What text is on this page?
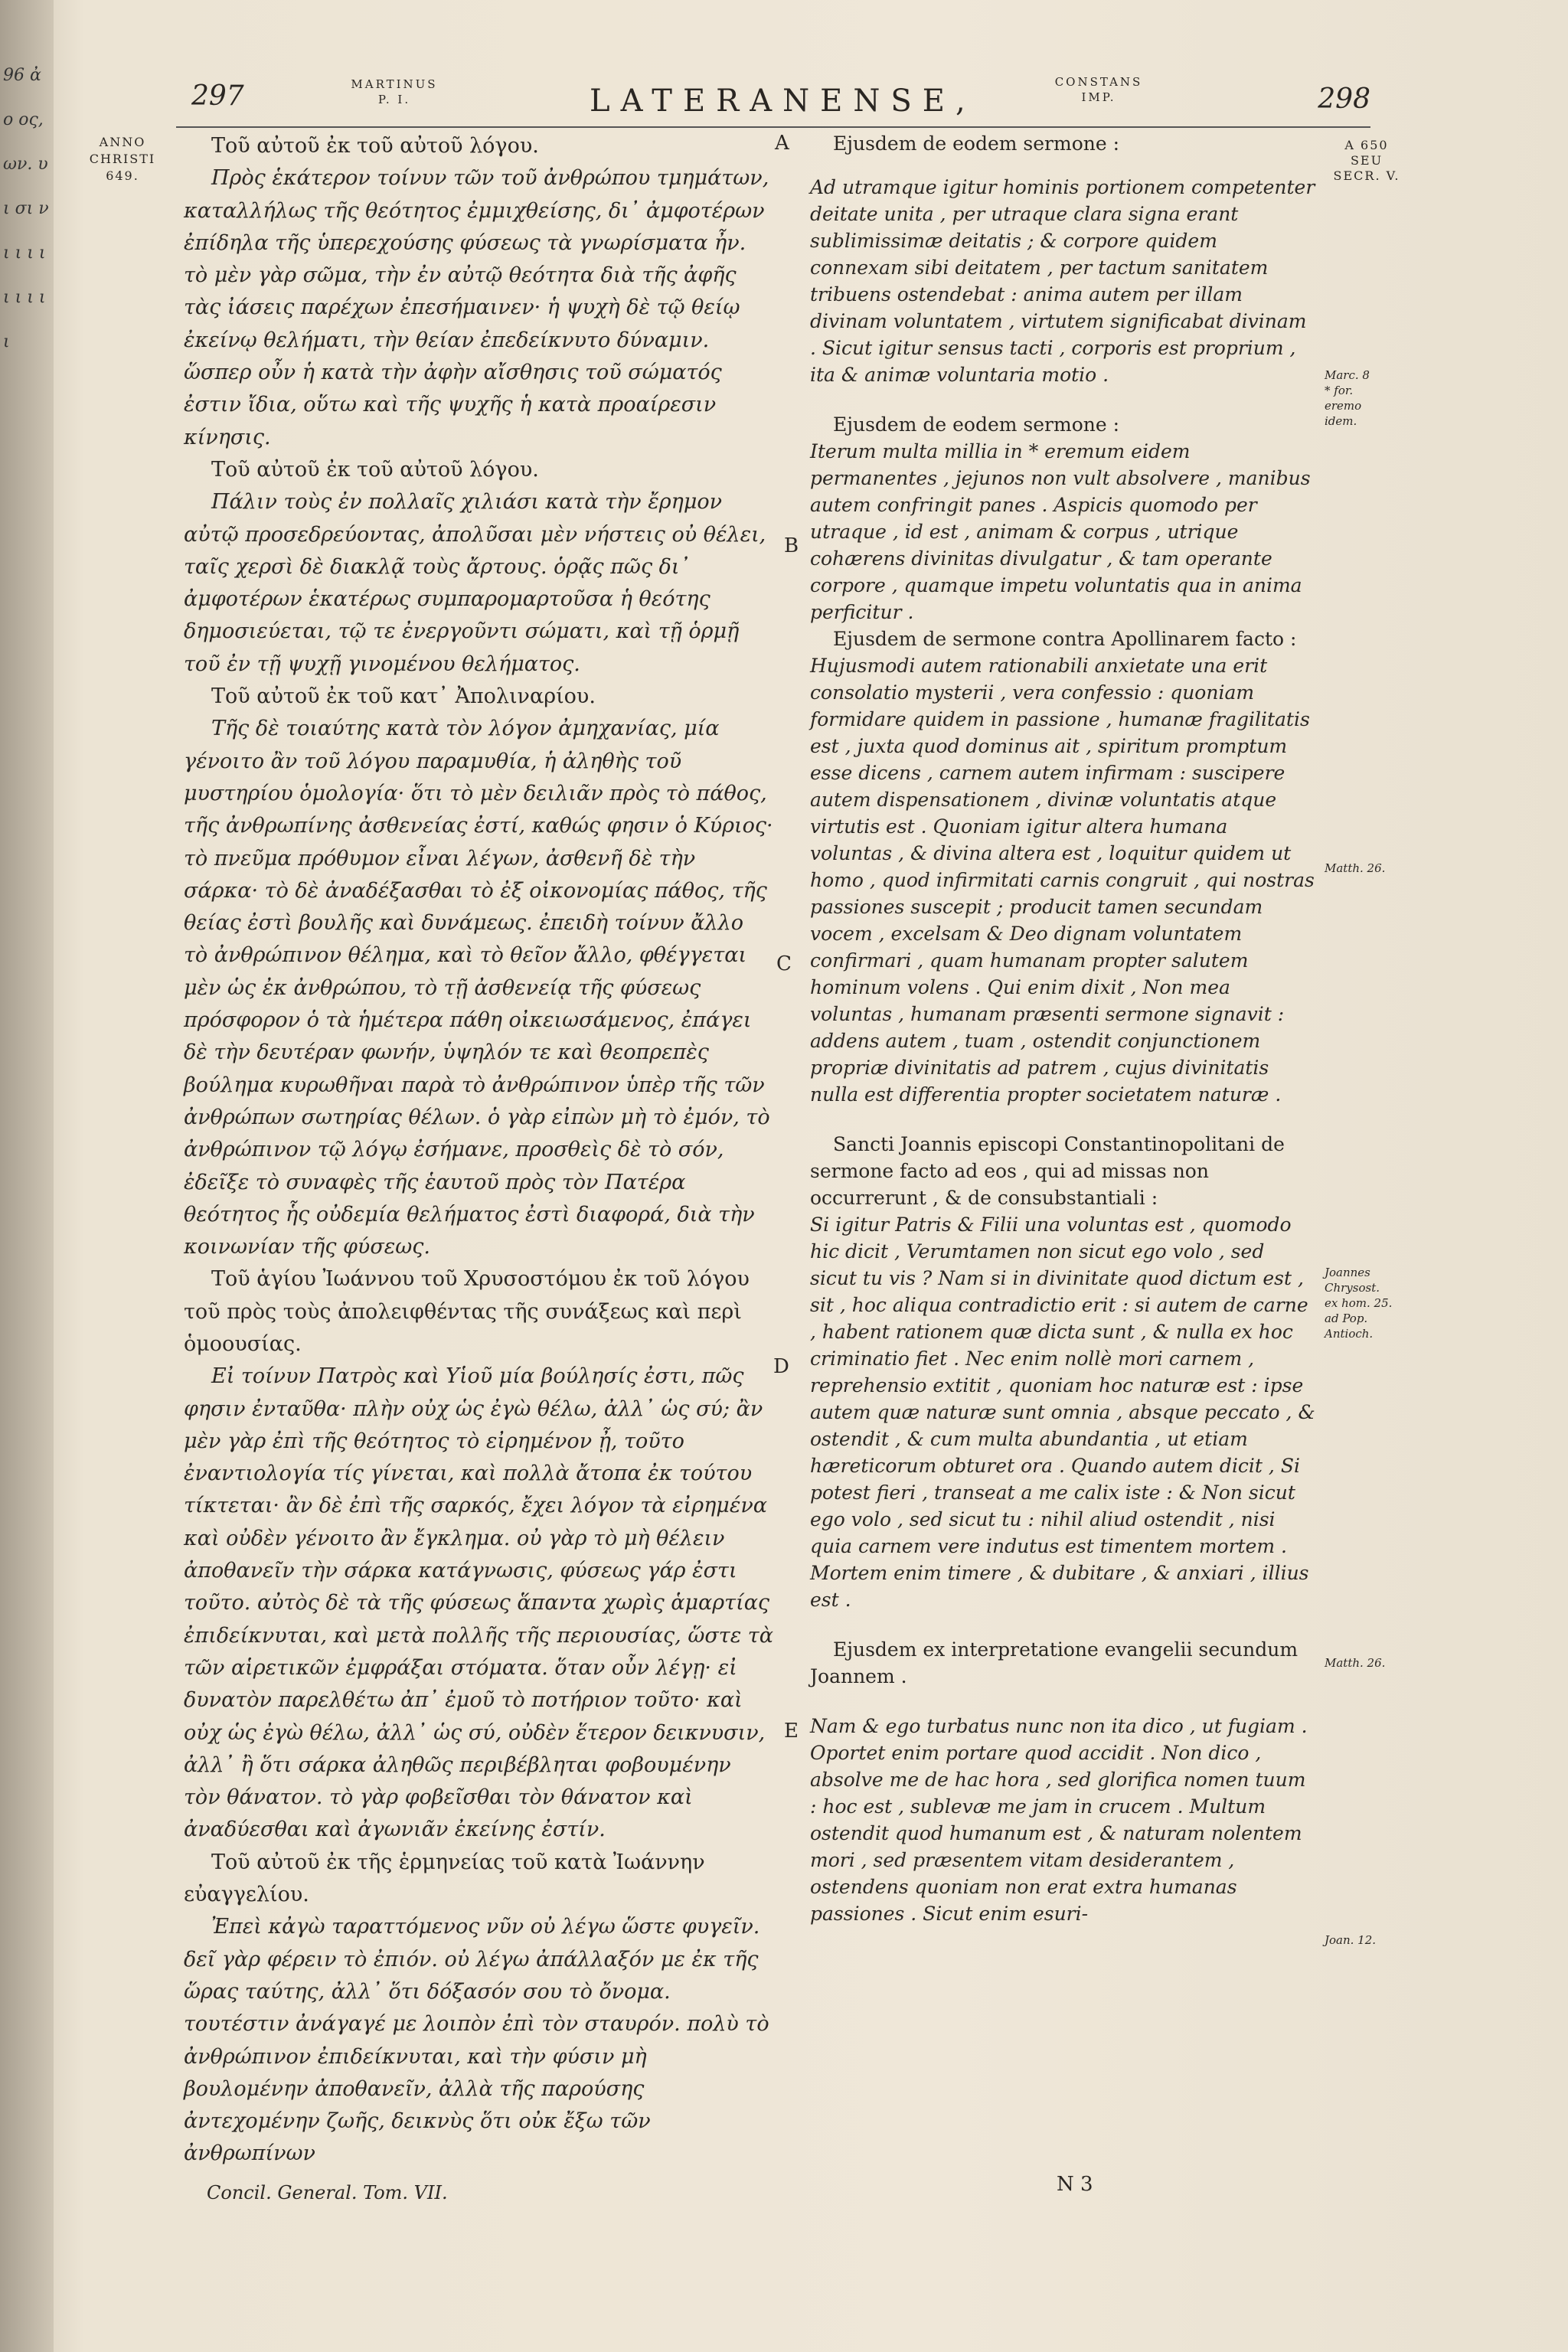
96 ἀ ο ος, ων. υ ι σι ν ι ι ι ι ι ι ι ι ι
297	MARTINUS
P. I.	LATERANENSE,
CONSTANS
IMP.	298
ANNO
CHRISTI
649.

Τοῦ αὐτοῦ ἐκ τοῦ αὐτοῦ λόγου.

Πρὸς ἑκάτερον τοίνυν τῶν τοῦ ἀνθρώπου τμημάτων, καταλλήλως τῆς θεότητος ἐμμιχθείσης, δι᾽ ἀμφοτέρων ἐπίδηλα τῆς ὑπερεχούσης φύσεως τὰ γνωρίσματα ἦν. τὸ μὲν γὰρ σῶμα, τὴν ἐν αὐτῷ θεότητα διὰ τῆς ἀφῆς τὰς ἰάσεις παρέχων ἐπεσήμαινεν· ἡ ψυχὴ δὲ τῷ θείῳ ἐκείνῳ θελήματι, τὴν θείαν ἐπεδείκνυτο δύναμιν. ὥσπερ οὖν ἡ κατὰ τὴν ἀφὴν αἴσθησις τοῦ σώματός ἐστιν ἴδια, οὕτω καὶ τῆς ψυχῆς ἡ κατὰ προαίρεσιν κίνησις.

Τοῦ αὐτοῦ ἐκ τοῦ αὐτοῦ λόγου.

Πάλιν τοὺς ἐν πολλαῖς χιλιάσι κατὰ τὴν ἔρημον αὐτῷ προσεδρεύοντας, ἀπολῦσαι μὲν νήστεις οὐ θέλει, ταῖς χερσὶ δὲ διακλᾷ τοὺς ἄρτους. ὁρᾷς πῶς δι᾽ ἀμφοτέρων ἑκατέρως συμπαρομαρτοῦσα ἡ θεότης δημοσιεύεται, τῷ τε ἐνεργοῦντι σώματι, καὶ τῇ ὁρμῇ τοῦ ἐν τῇ ψυχῇ γινομένου θελήματος.

Τοῦ αὐτοῦ ἐκ τοῦ κατ᾽ Ἀπολιναρίου.

Τῆς δὲ τοιαύτης κατὰ τὸν λόγον ἀμηχανίας, μία γένοιτο ἂν τοῦ λόγου παραμυθία, ἡ ἀληθὴς τοῦ μυστηρίου ὁμολογία· ὅτι τὸ μὲν δειλιᾶν πρὸς τὸ πάθος, τῆς ἀνθρωπίνης ἀσθενείας ἐστί, καθώς φησιν ὁ Κύριος· τὸ πνεῦμα πρόθυμον εἶναι λέγων, ἀσθενῆ δὲ τὴν σάρκα· τὸ δὲ ἀναδέξασθαι τὸ ἐξ οἰκονομίας πάθος, τῆς θείας ἐστὶ βουλῆς καὶ δυνάμεως. ἐπειδὴ τοίνυν ἄλλο τὸ ἀνθρώπινον θέλημα, καὶ τὸ θεῖον ἄλλο, φθέγγεται μὲν ὡς ἐκ ἀνθρώπου, τὸ τῇ ἀσθενείᾳ τῆς φύσεως πρόσφορον ὁ τὰ ἡμέτερα πάθη οἰκειωσάμενος, ἐπάγει δὲ τὴν δευτέραν φωνήν, ὑψηλόν τε καὶ θεοπρεπὲς βούλημα κυρωθῆναι παρὰ τὸ ἀνθρώπινον ὑπὲρ τῆς τῶν ἀνθρώπων σωτηρίας θέλων. ὁ γὰρ εἰπὼν μὴ τὸ ἐμόν, τὸ ἀνθρώπινον τῷ λόγῳ ἐσήμανε, προσθεὶς δὲ τὸ σόν, ἐδεῖξε τὸ συναφὲς τῆς ἑαυτοῦ πρὸς τὸν Πατέρα θεότητος ἧς οὐδεμία θελήματος ἐστὶ διαφορά, διὰ τὴν κοινωνίαν τῆς φύσεως.

Τοῦ ἁγίου Ἰωάννου τοῦ Χρυσοστόμου ἐκ τοῦ λόγου τοῦ πρὸς τοὺς ἀπολειφθέντας τῆς συνάξεως καὶ περὶ ὁμοουσίας.

Εἰ τοίνυν Πατρὸς καὶ Υἱοῦ μία βούλησίς ἐστι, πῶς φησιν ἐνταῦθα· πλὴν οὐχ ὡς ἐγὼ θέλω, ἀλλ᾽ ὡς σύ; ἂν μὲν γὰρ ἐπὶ τῆς θεότητος τὸ εἰρημένον ᾖ, τοῦτο ἐναντιολογία τίς γίνεται, καὶ πολλὰ ἄτοπα ἐκ τούτου τίκτεται· ἂν δὲ ἐπὶ τῆς σαρκός, ἔχει λόγον τὰ εἰρημένα καὶ οὐδὲν γένοιτο ἂν ἔγκλημα. οὐ γὰρ τὸ μὴ θέλειν ἀποθανεῖν τὴν σάρκα κατάγνωσις, φύσεως γάρ ἐστι τοῦτο. αὐτὸς δὲ τὰ τῆς φύσεως ἅπαντα χωρὶς ἁμαρτίας ἐπιδείκνυται, καὶ μετὰ πολλῆς τῆς περιουσίας, ὥστε τὰ τῶν αἱρετικῶν ἐμφράξαι στόματα. ὅταν οὖν λέγῃ· εἰ δυνατὸν παρελθέτω ἀπ᾽ ἐμοῦ τὸ ποτήριον τοῦτο· καὶ οὐχ ὡς ἐγὼ θέλω, ἀλλ᾽ ὡς σύ, οὐδὲν ἕτερον δεικνυσιν, ἀλλ᾽ ἢ ὅτι σάρκα ἀληθῶς περιβέβληται φοβουμένην τὸν θάνατον. τὸ γὰρ φοβεῖσθαι τὸν θάνατον καὶ ἀναδύεσθαι καὶ ἀγωνιᾶν ἐκείνης ἐστίν.

Τοῦ αὐτοῦ ἐκ τῆς ἑρμηνείας τοῦ κατὰ Ἰωάννην εὐαγγελίου.

Ἐπεὶ κἀγὼ ταραττόμενος νῦν οὐ λέγω ὥστε φυγεῖν. δεῖ γὰρ φέρειν τὸ ἐπιόν. οὐ λέγω ἀπάλλαξόν με ἐκ τῆς ὥρας ταύτης, ἀλλ᾽ ὅτι δόξασόν σου τὸ ὄνομα. τουτέστιν ἀνάγαγέ με λοιπὸν ἐπὶ τὸν σταυρόν. πολὺ τὸ ἀνθρώπινον ἐπιδείκνυται, καὶ τὴν φύσιν μὴ βουλομένην ἀποθανεῖν, ἀλλὰ τῆς παρούσης ἀντεχομένην ζωῆς, δεικνὺς ὅτι οὐκ ἔξω τῶν ἀνθρωπίνων

Concil. General. Tom. VII.

A
B
C
D
E

Ejusdem de eodem sermone :

Ad utramque igitur hominis portionem competenter deitate unita , per utraque clara signa erant sublimissimæ deitatis ; & corpore quidem connexam sibi deitatem , per tactum sanitatem tribuens ostendebat : anima autem per illam divinam voluntatem , virtutem significabat divinam . Sicut igitur sensus tacti , corporis est proprium , ita & animæ voluntaria motio .

Ejusdem de eodem sermone :

Iterum multa millia in * eremum eidem permanentes , jejunos non vult absolvere , manibus autem confringit panes . Aspicis quomodo per utraque , id est , animam & corpus , utrique cohærens divinitas divulgatur , & tam operante corpore , quamque impetu voluntatis qua in anima perficitur .

Ejusdem de sermone contra Apollinarem facto :

Hujusmodi autem rationabili anxietate una erit consolatio mysterii , vera confessio : quoniam formidare quidem in passione , humanæ fragilitatis est , juxta quod dominus ait , spiritum promptum esse dicens , carnem autem infirmam : suscipere autem dispensationem , divinæ voluntatis atque virtutis est . Quoniam igitur altera humana voluntas , & divina altera est , loquitur quidem ut homo , quod infirmitati carnis congruit , qui nostras passiones suscepit ; producit tamen secundam vocem , excelsam & Deo dignam voluntatem confirmari , quam humanam propter salutem hominum volens . Qui enim dixit , Non mea voluntas , humanam præsenti sermone signavit : addens autem , tuam , ostendit conjunctionem propriæ divinitatis ad patrem , cujus divinitatis nulla est differentia propter societatem naturæ .

Sancti Joannis episcopi Constantinopolitani de sermone facto ad eos , qui ad missas non occurrerunt , & de consubstantiali :

Si igitur Patris & Filii una voluntas est , quomodo hic dicit , Verumtamen non sicut ego volo , sed sicut tu vis ? Nam si in divinitate quod dictum est , sit , hoc aliqua contradictio erit : si autem de carne , habent rationem quæ dicta sunt , & nulla ex hoc criminatio fiet . Nec enim nollè mori carnem , reprehensio extitit , quoniam hoc naturæ est : ipse autem quæ naturæ sunt omnia , absque peccato , & ostendit , & cum multa abundantia , ut etiam hæreticorum obturet ora . Quando autem dicit , Si potest fieri , transeat a me calix iste : & Non sicut ego volo , sed sicut tu : nihil aliud ostendit , nisi quia carnem vere indutus est timentem mortem . Mortem enim timere , & dubitare , & anxiari , illius est .

Ejusdem ex interpretatione evangelii secundum Joannem .

Nam & ego turbatus nunc non ita dico , ut fugiam . Oportet enim portare quod accidit . Non dico , absolve me de hac hora , sed glorifica nomen tuum : hoc est , sublevæ me jam in crucem . Multum ostendit quod humanum est , & naturam nolentem mori , sed præsentem vitam desiderantem , ostendens quoniam non erat extra humanas passiones . Sicut enim esuri-

A 650
SEU
SECR. V.
Marc. 8
* for. eremo idem.
Matth. 26.
Joannes Chrysost. ex hom. 25. ad Pop. Antioch.
Matth. 26.
Joan. 12.
N 3
